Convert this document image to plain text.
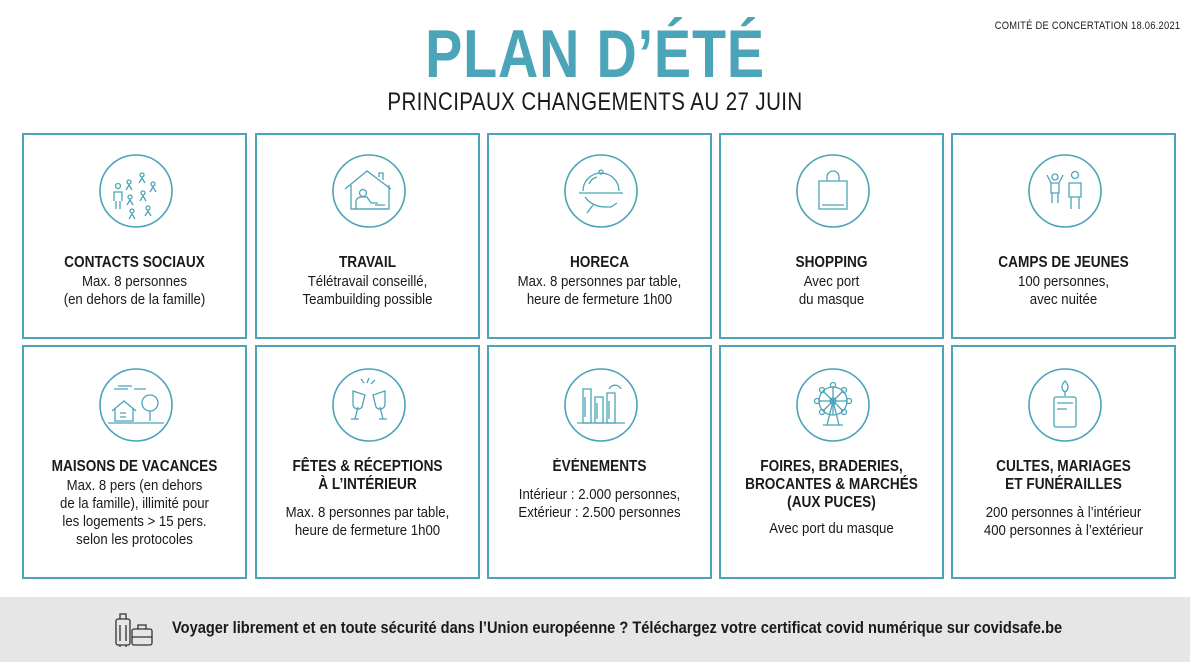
COMITÉ DE CONCERTATION 18.06.2021
PLAN D’ÉTÉ
PRINCIPAUX CHANGEMENTS AU 27 JUIN
CONTACTS SOCIAUX
Max. 8 personnes
(en dehors de la famille)
TRAVAIL
Télétravail conseillé,
Teambuilding possible
HORECA
Max. 8 personnes par table,
heure de fermeture 1h00
SHOPPING
Avec port
du masque
CAMPS DE JEUNES
100 personnes,
avec nuitée
MAISONS DE VACANCES
Max. 8 pers (en dehors
de la famille), illimité pour
les logements > 15 pers.
selon les protocoles
FÊTES & RÉCEPTIONS
À L’INTÉRIEUR
Max. 8 personnes par table,
heure de fermeture 1h00
ÉVÉNEMENTS
Intérieur : 2.000 personnes,
Extérieur : 2.500 personnes
FOIRES, BRADERIES,
BROCANTES & MARCHÉS
(AUX PUCES)
Avec port du masque
CULTES, MARIAGES
ET FUNÉRAILLES
200 personnes à l’intérieur
400 personnes à l’extérieur
Voyager librement et en toute sécurité dans l’Union européenne ? Téléchargez votre certificat covid numérique sur covidsafe.be
